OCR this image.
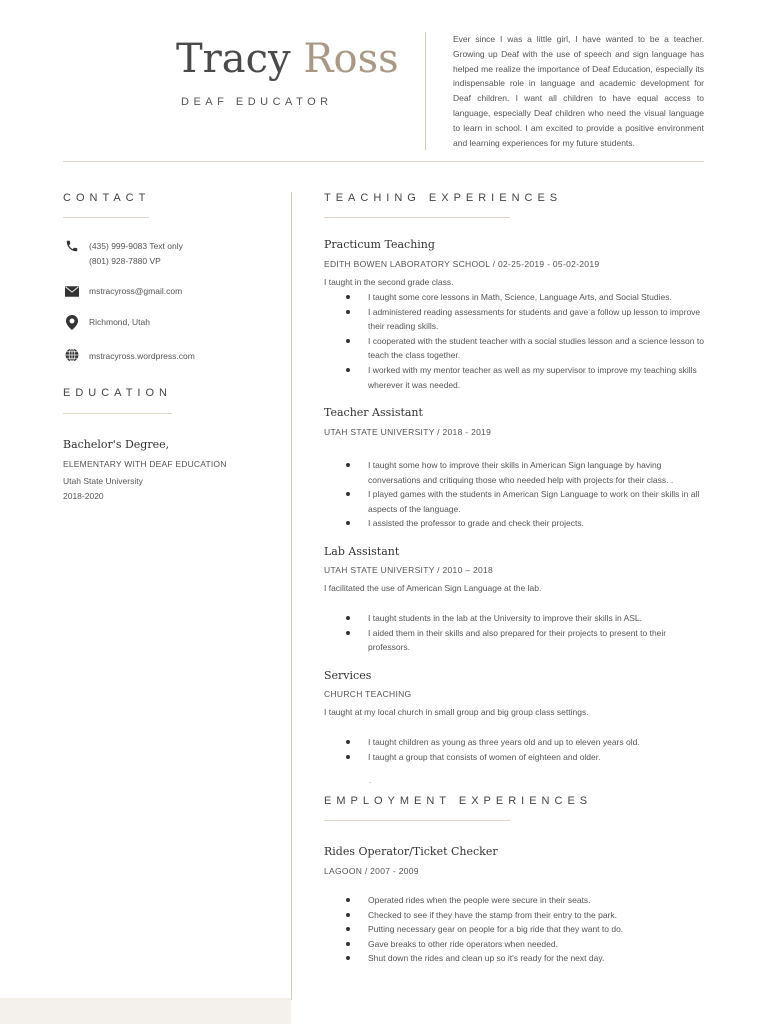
Tracy Ross
DEAF EDUCATOR
Ever since I was a little girl, I have wanted to be a teacher. Growing up Deaf with the use of speech and sign language has helped me realize the importance of Deaf Education, especially its indispensable role in language and academic development for Deaf children. I want all children to have equal access to language, especially Deaf children who need the visual language to learn in school. I am excited to provide a positive environment and learning experiences for my future students.
CONTACT
(435) 999-9083 Text only
(801) 928-7880 VP
mstracyross@gmail.com
Richmond, Utah
mstracyross.wordpress.com
EDUCATION
Bachelor's Degree,
ELEMENTARY WITH DEAF EDUCATION
Utah State University
2018-2020
TEACHING EXPERIENCES
Practicum Teaching
EDITH BOWEN LABORATORY SCHOOL / 02-25-2019 - 05-02-2019
I taught in the second grade class.
I taught some core lessons in Math, Science, Language Arts, and Social Studies.
I administered reading assessments for students and gave a follow up lesson to improve their reading skills.
I cooperated with the student teacher with a social studies lesson and a science lesson to teach the class together.
I worked with my mentor teacher as well as my supervisor to improve my teaching skills wherever it was needed.
Teacher Assistant
UTAH STATE UNIVERSITY / 2018 - 2019
I taught some how to improve their skills in American Sign language by having conversations and critiquing those who needed help with projects for their class. .
I played games with the students in American Sign Language to work on their skills in all aspects of the language.
I assisted the professor to grade and check their projects.
Lab Assistant
UTAH STATE UNIVERSITY / 2010 – 2018
I facilitated the use of American Sign Language at the lab.
I taught students in the lab at the University to improve their skills in ASL.
I aided them in their skills and also prepared for their projects to present to their professors.
Services
CHURCH TEACHING
I taught at my local church in small group and big group class settings.
I taught children as young as three years old and up to eleven years old.
I taught a group that consists of women of eighteen and older.
.
EMPLOYMENT EXPERIENCES
Rides Operator/Ticket Checker
LAGOON / 2007 - 2009
Operated rides when the people were secure in their seats.
Checked to see if they have the stamp from their entry to the park.
Putting necessary gear on people for a big ride that they want to do.
Gave breaks to other ride operators when needed.
Shut down the rides and clean up so it's ready for the next day.
